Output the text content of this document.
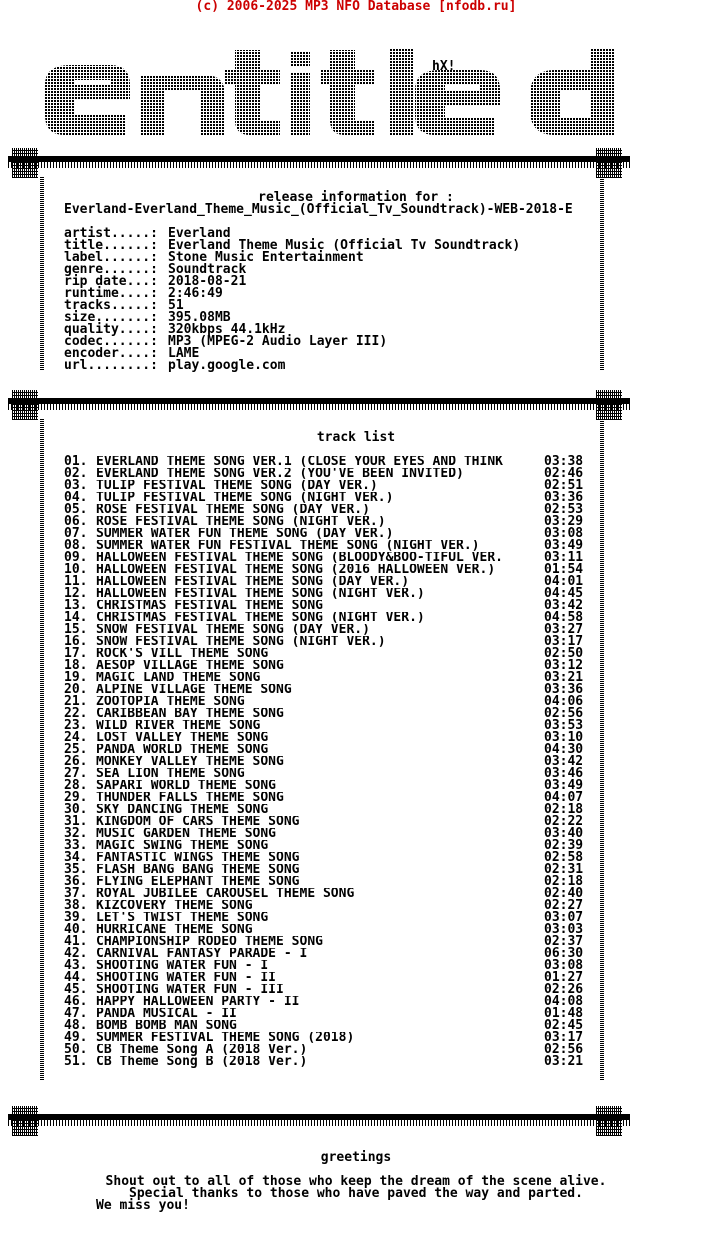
(c) 2006-2025 MP3 NFO Database [nfodb.ru]
hX!
release information for :
Everland-Everland_Theme_Music_(Official_Tv_Soundtrack)-WEB-2018-E
artist.....: Everland
title......: Everland Theme Music (Official Tv Soundtrack)
label......: Stone Music Entertainment
genre......: Soundtrack
rip date...: 2018-08-21
runtime....: 2:46:49
tracks.....: 51
size.......: 395.08MB
quality....: 320kbps 44.1kHz
codec......: MP3 (MPEG-2 Audio Layer III)
encoder....: LAME
url........: play.google.com
track list
01. EVERLAND THEME SONG VER.1 (CLOSE YOUR EYES AND THINK	03:38
02. EVERLAND THEME SONG VER.2 (YOU'VE BEEN INVITED)	02:46
03. TULIP FESTIVAL THEME SONG (DAY VER.)	02:51
04. TULIP FESTIVAL THEME SONG (NIGHT VER.)	03:36
05. ROSE FESTIVAL THEME SONG (DAY VER.)	02:53
06. ROSE FESTIVAL THEME SONG (NIGHT VER.)	03:29
07. SUMMER WATER FUN THEME SONG (DAY VER.)	03:08
08. SUMMER WATER FUN FESTIVAL THEME SONG (NIGHT VER.)	03:49
09. HALLOWEEN FESTIVAL THEME SONG (BLOODY&BOO-TIFUL VER.	03:11
10. HALLOWEEN FESTIVAL THEME SONG (2016 HALLOWEEN VER.)	01:54
11. HALLOWEEN FESTIVAL THEME SONG (DAY VER.)	04:01
12. HALLOWEEN FESTIVAL THEME SONG (NIGHT VER.)	04:45
13. CHRISTMAS FESTIVAL THEME SONG	03:42
14. CHRISTMAS FESTIVAL THEME SONG (NIGHT VER.)	04:58
15. SNOW FESTIVAL THEME SONG (DAY VER.)	03:27
16. SNOW FESTIVAL THEME SONG (NIGHT VER.)	03:17
17. ROCK'S VILL THEME SONG	02:50
18. AESOP VILLAGE THEME SONG	03:12
19. MAGIC LAND THEME SONG	03:21
20. ALPINE VILLAGE THEME SONG	03:36
21. ZOOTOPIA THEME SONG	04:06
22. CARIBBEAN BAY THEME SONG	02:56
23. WILD RIVER THEME SONG	03:53
24. LOST VALLEY THEME SONG	03:10
25. PANDA WORLD THEME SONG	04:30
26. MONKEY VALLEY THEME SONG	03:42
27. SEA LION THEME SONG	03:46
28. SAPARI WORLD THEME SONG	03:49
29. THUNDER FALLS THEME SONG	04:07
30. SKY DANCING THEME SONG	02:18
31. KINGDOM OF CARS THEME SONG	02:22
32. MUSIC GARDEN THEME SONG	03:40
33. MAGIC SWING THEME SONG	02:39
34. FANTASTIC WINGS THEME SONG	02:58
35. FLASH BANG BANG THEME SONG	02:31
36. FLYING ELEPHANT THEME SONG	02:18
37. ROYAL JUBILEE CAROUSEL THEME SONG	02:40
38. KIZCOVERY THEME SONG	02:27
39. LET'S TWIST THEME SONG	03:07
40. HURRICANE THEME SONG	03:03
41. CHAMPIONSHIP RODEO THEME SONG	02:37
42. CARNIVAL FANTASY PARADE - I	06:30
43. SHOOTING WATER FUN - I	03:08
44. SHOOTING WATER FUN - II	01:27
45. SHOOTING WATER FUN - III	02:26
46. HAPPY HALLOWEEN PARTY - II	04:08
47. PANDA MUSICAL - II	01:48
48. BOMB BOMB MAN SONG	02:45
49. SUMMER FESTIVAL THEME SONG (2018)	03:17
50. CB Theme Song A (2018 Ver.)	02:56
51. CB Theme Song B (2018 Ver.)	03:21
greetings
Shout out to all of those who keep the dream of the scene alive.
Special thanks to those who have paved the way and parted.
We miss you!
